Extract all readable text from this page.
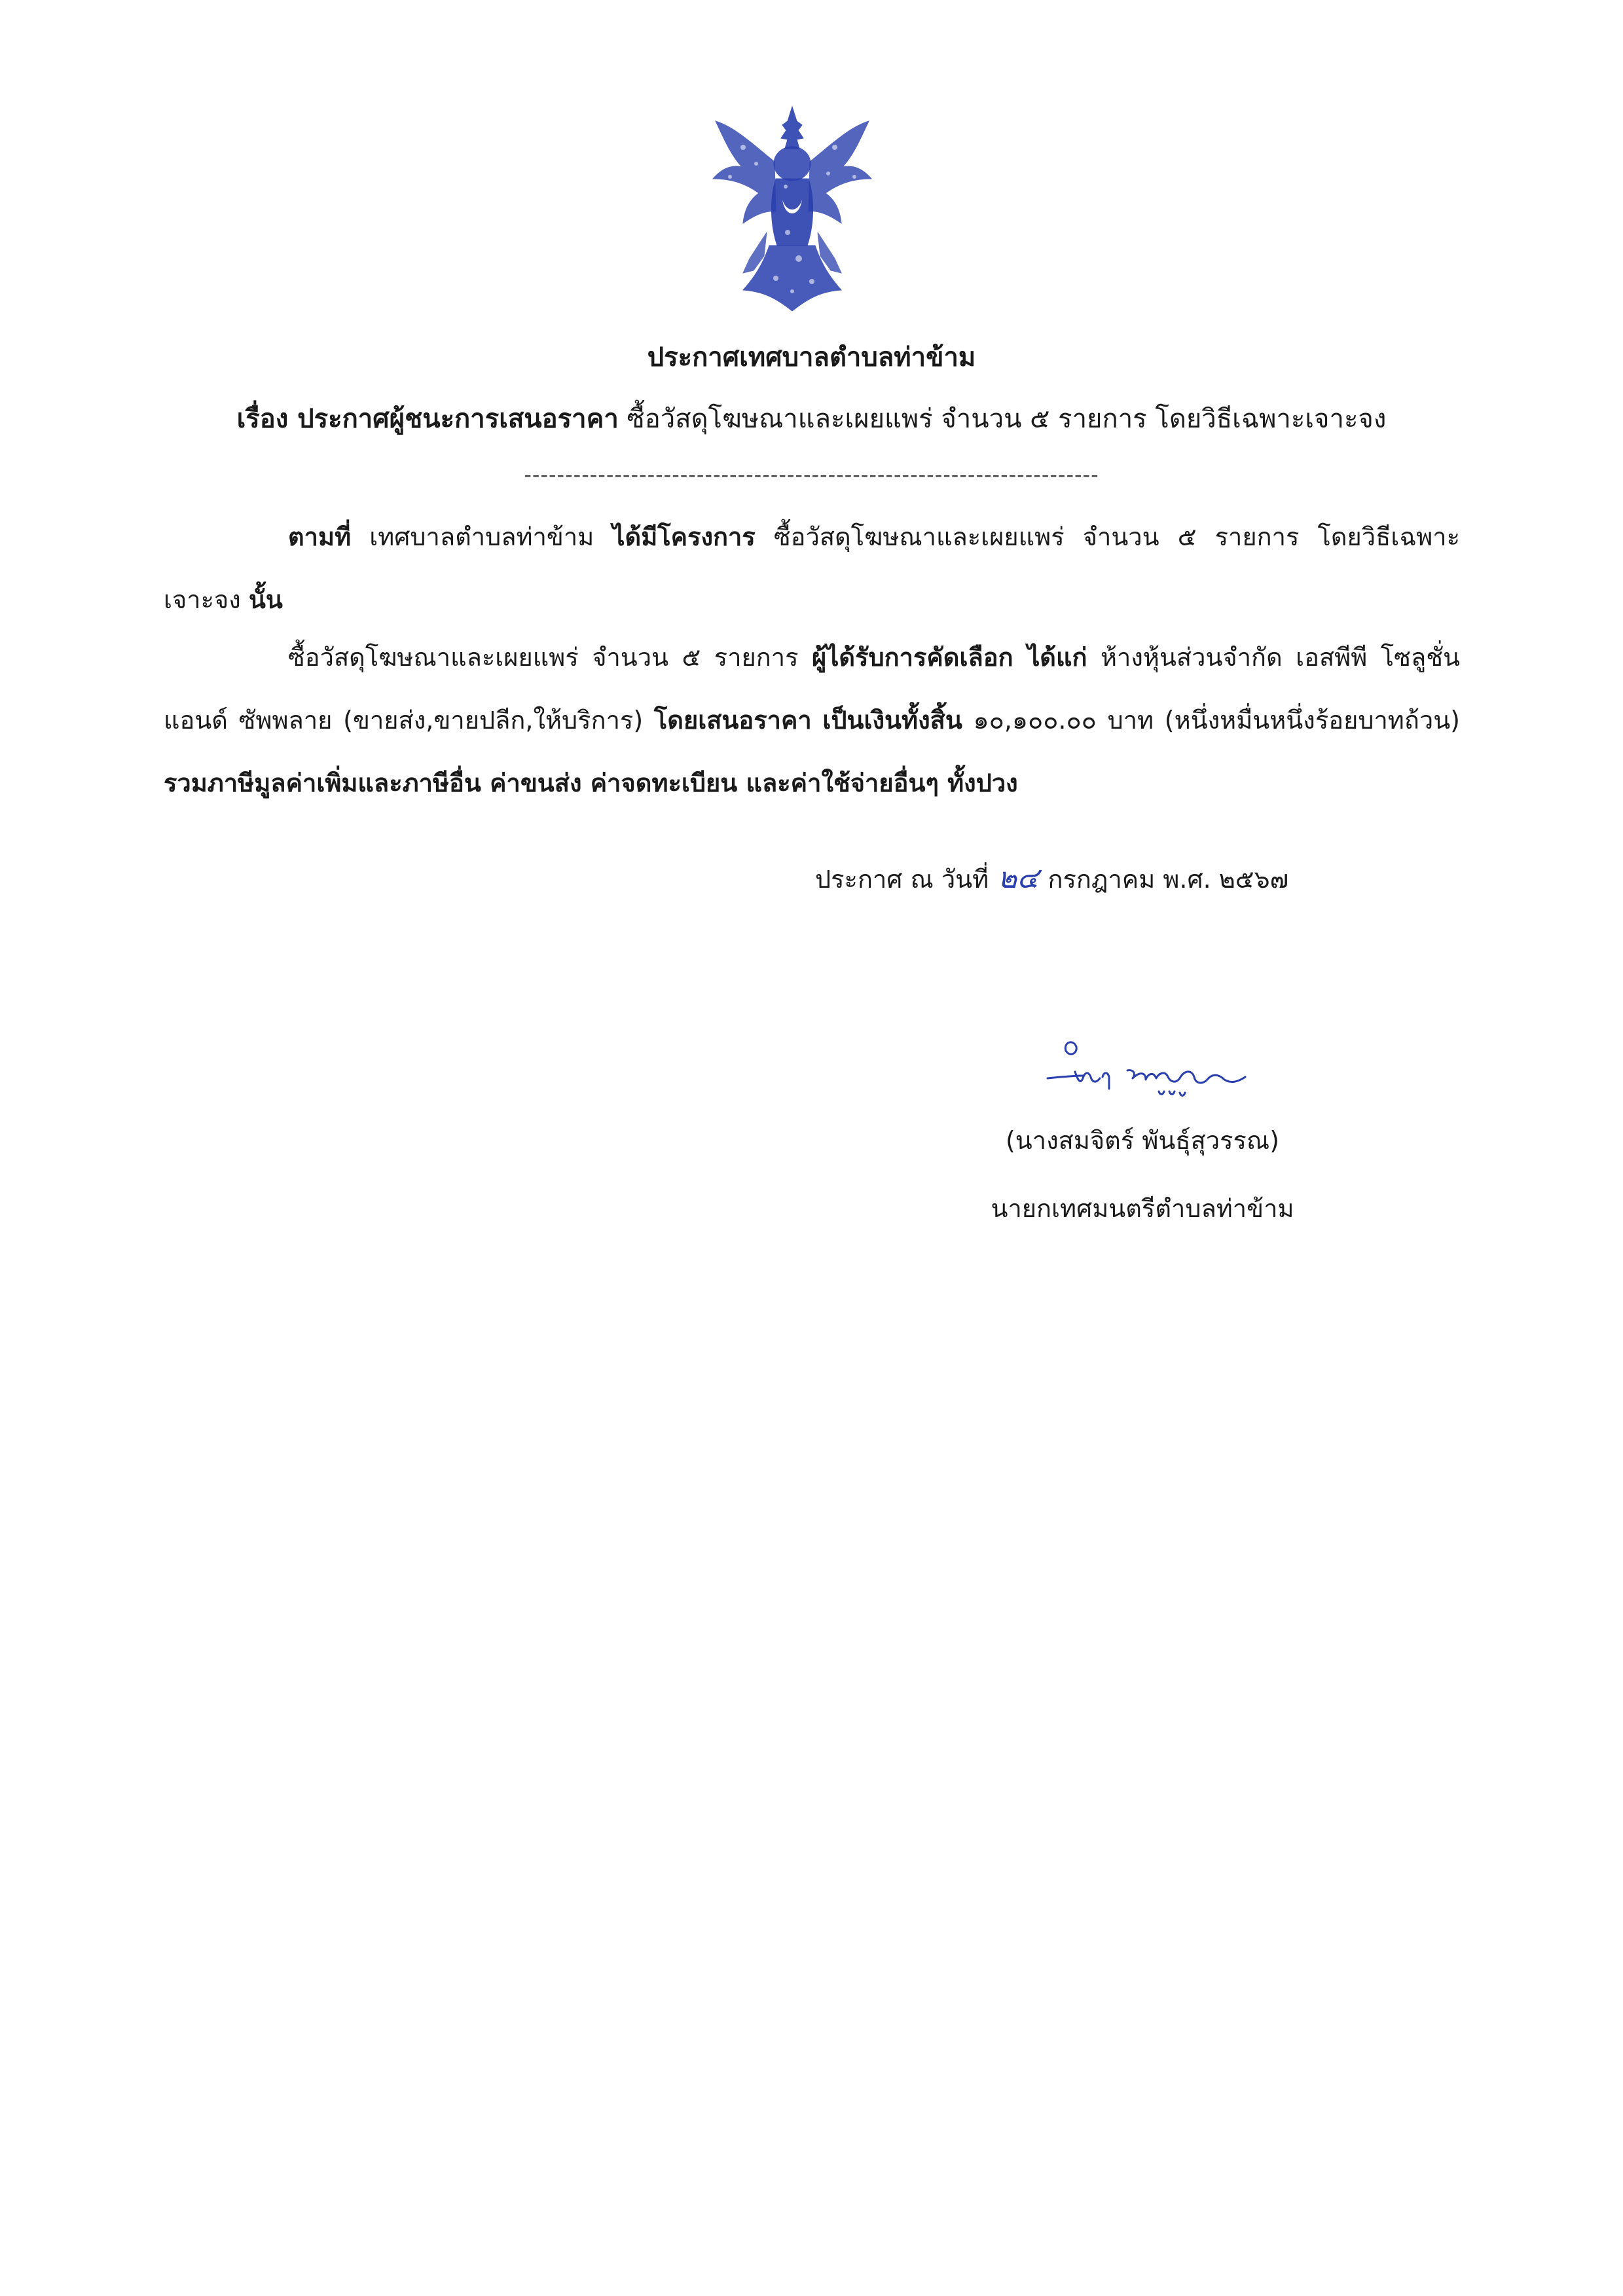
ประกาศเทศบาลตำบลท่าข้าม
เรื่อง ประกาศผู้ชนะการเสนอราคา ซื้อวัสดุโฆษณาและเผยแพร่ จำนวน ๕ รายการ โดยวิธีเฉพาะเจาะจง
----------------------------------------------------------------------
ตามที่ เทศบาลตำบลท่าข้าม ได้มีโครงการ ซื้อวัสดุโฆษณาและเผยแพร่ จำนวน ๕ รายการ โดยวิธีเฉพาะเจาะจง นั้น
ซื้อวัสดุโฆษณาและเผยแพร่ จำนวน ๕ รายการ ผู้ได้รับการคัดเลือก ได้แก่ ห้างหุ้นส่วนจำกัด เอสพีพี โซลูชั่น แอนด์ ซัพพลาย (ขายส่ง,ขายปลีก,ให้บริการ) โดยเสนอราคา เป็นเงินทั้งสิ้น ๑๐,๑๐๐.๐๐ บาท (หนึ่งหมื่นหนึ่งร้อยบาทถ้วน) รวมภาษีมูลค่าเพิ่มและภาษีอื่น ค่าขนส่ง ค่าจดทะเบียน และค่าใช้จ่ายอื่นๆ ทั้งปวง
ประกาศ ณ วันที่ ๒๔ กรกฎาคม พ.ศ. ๒๕๖๗
(นางสมจิตร์ พันธุ์สุวรรณ)
นายกเทศมนตรีตำบลท่าข้าม
